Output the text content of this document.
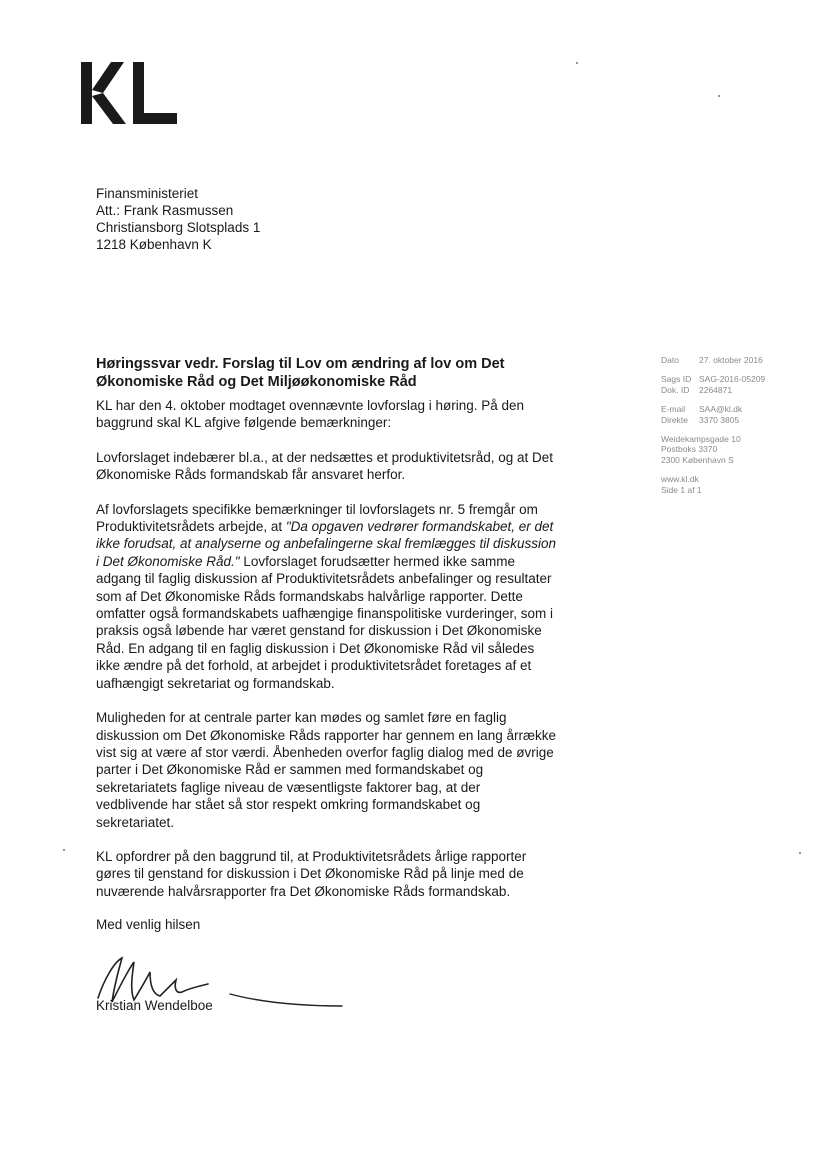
Finansministeriet
Att.: Frank Rasmussen
Christiansborg Slotsplads 1
1218 København K
Høringssvar vedr. Forslag til Lov om ændring af lov om Det Økonomiske Råd og Det Miljøøkonomiske Råd

KL har den 4. oktober modtaget ovennævnte lovforslag i høring. På den baggrund skal KL afgive følgende bemærkninger:

Lovforslaget indebærer bl.a., at der nedsættes et produktivitetsråd, og at Det Økonomiske Råds formandskab får ansvaret herfor.

Af lovforslagets specifikke bemærkninger til lovforslagets nr. 5 fremgår om Produktivitetsrådets arbejde, at "Da opgaven vedrører formandskabet, er det ikke forudsat, at analyserne og anbefalingerne skal fremlægges til diskussion i Det Økonomiske Råd." Lovforslaget forudsætter hermed ikke samme adgang til faglig diskussion af Produktivitetsrådets anbefalinger og resultater som af Det Økonomiske Råds formandskabs halvårlige rapporter. Dette omfatter også formandskabets uafhængige finanspolitiske vurderinger, som i praksis også løbende har været genstand for diskussion i Det Økonomiske Råd. En adgang til en faglig diskussion i Det Økonomiske Råd vil således ikke ændre på det forhold, at arbejdet i produktivitetsrådet foretages af et uafhængigt sekretariat og formandskab.

Muligheden for at centrale parter kan mødes og samlet føre en faglig diskussion om Det Økonomiske Råds rapporter har gennem en lang årrække vist sig at være af stor værdi. Åbenheden overfor faglig dialog med de øvrige parter i Det Økonomiske Råd er sammen med formandskabet og sekretariatets faglige niveau de væsentligste faktorer bag, at der vedblivende har stået så stor respekt omkring formandskabet og sekretariatet.

KL opfordrer på den baggrund til, at Produktivitetsrådets årlige rapporter gøres til genstand for diskussion i Det Økonomiske Råd på linje med de nuværende halvårsrapporter fra Det Økonomiske Råds formandskab.

Med venlig hilsen
Kristian Wendelboe
Dato 27. oktober 2016
Sags ID SAG-2016-05209
Dok. ID 2264871
E-mail SAA@kl.dk
Direkte 3370 3805
Weidekampsgade 10
Postboks 3370
2300 København S
www.kl.dk
Side 1 af 1
